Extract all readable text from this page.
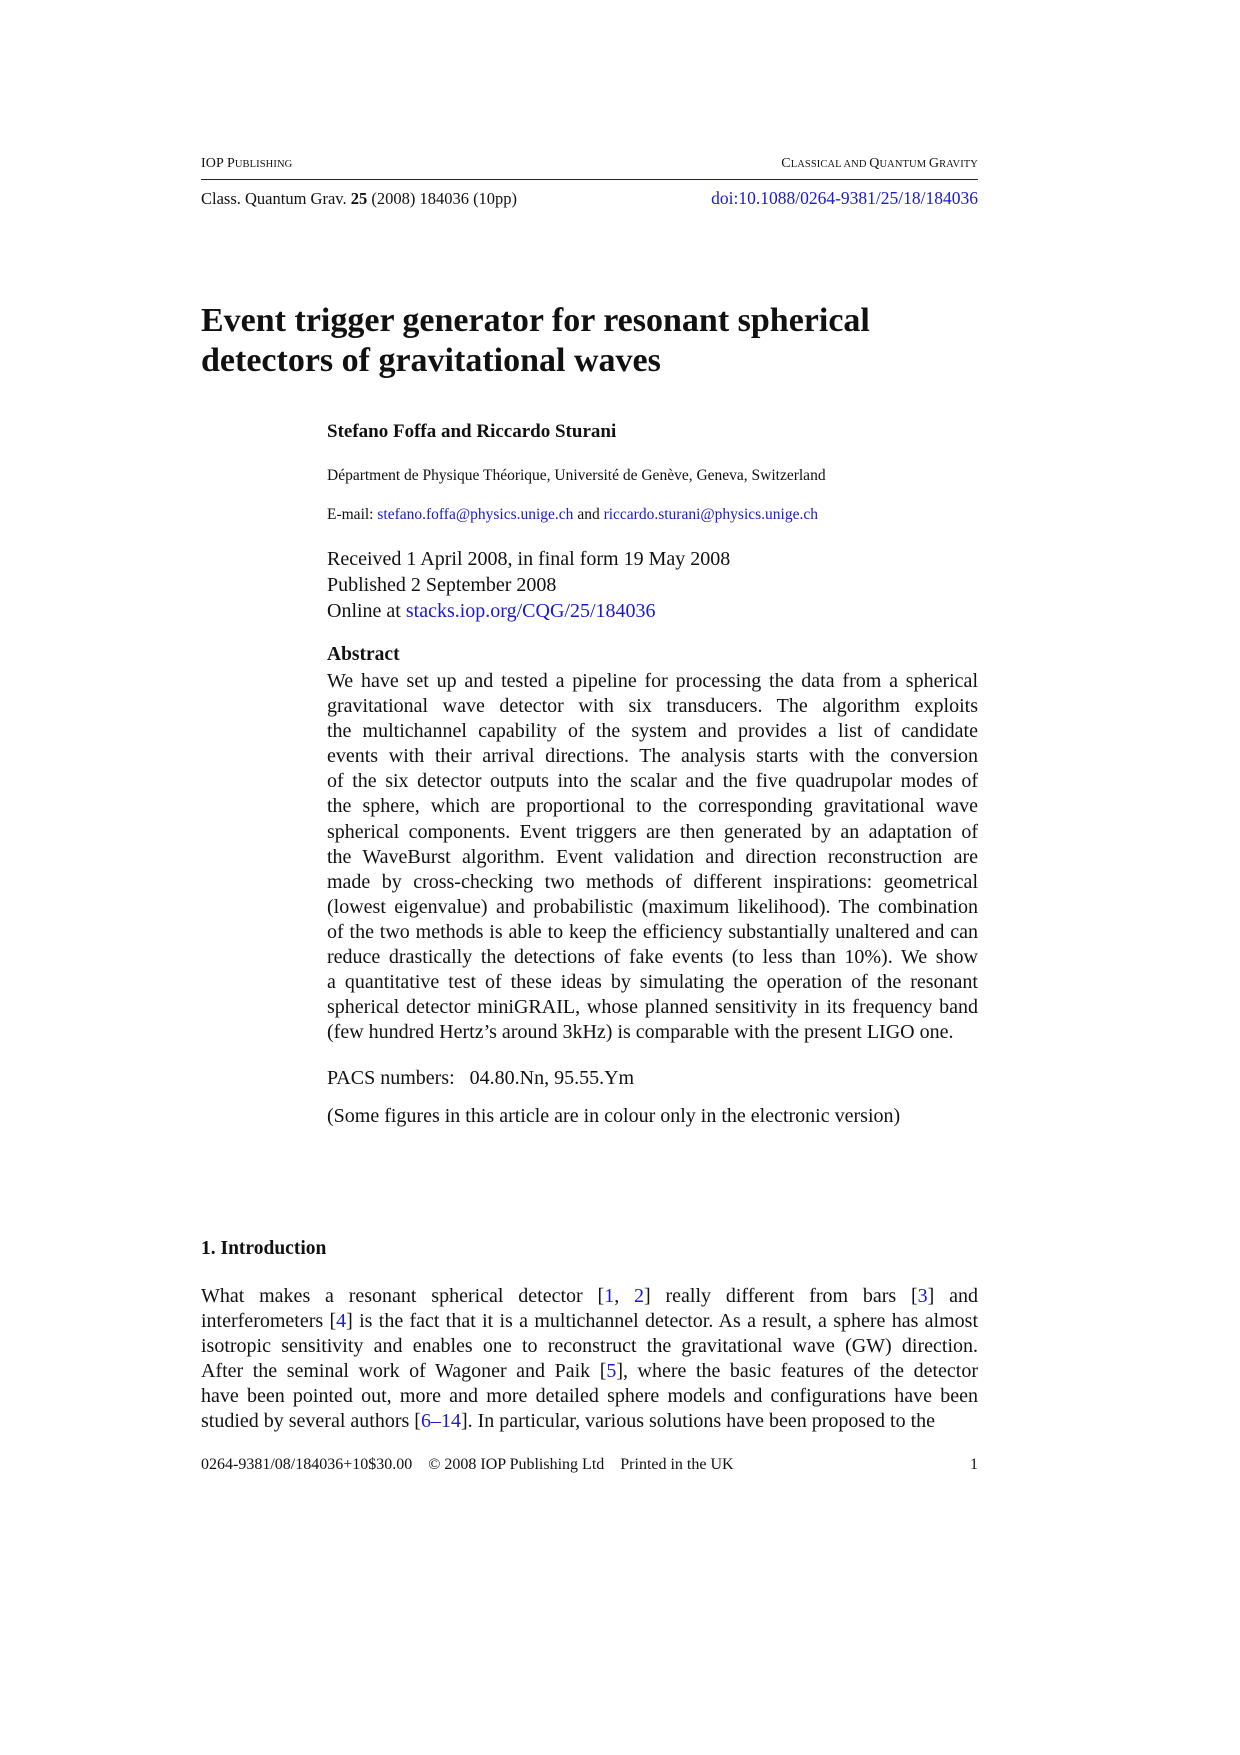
IOP PUBLISHING	CLASSICAL AND QUANTUM GRAVITY
Class. Quantum Grav. 25 (2008) 184036 (10pp)	doi:10.1088/0264-9381/25/18/184036
Event trigger generator for resonant spherical
detectors of gravitational waves
Stefano Foffa and Riccardo Sturani
Départment de Physique Théorique, Université de Genève, Geneva, Switzerland
E-mail: stefano.foffa@physics.unige.ch and riccardo.sturani@physics.unige.ch
Received 1 April 2008, in final form 19 May 2008
Published 2 September 2008
Online at stacks.iop.org/CQG/25/184036
Abstract
We have set up and tested a pipeline for processing the data from a spherical
gravitational wave detector with six transducers. The algorithm exploits
the multichannel capability of the system and provides a list of candidate
events with their arrival directions. The analysis starts with the conversion
of the six detector outputs into the scalar and the five quadrupolar modes of
the sphere, which are proportional to the corresponding gravitational wave
spherical components. Event triggers are then generated by an adaptation of
the WaveBurst algorithm. Event validation and direction reconstruction are
made by cross-checking two methods of different inspirations: geometrical
(lowest eigenvalue) and probabilistic (maximum likelihood). The combination
of the two methods is able to keep the efficiency substantially unaltered and can
reduce drastically the detections of fake events (to less than 10%). We show
a quantitative test of these ideas by simulating the operation of the resonant
spherical detector miniGRAIL, whose planned sensitivity in its frequency band
(few hundred Hertz’s around 3kHz) is comparable with the present LIGO one.
PACS numbers:   04.80.Nn, 95.55.Ym
(Some figures in this article are in colour only in the electronic version)
1. Introduction
What makes a resonant spherical detector [1, 2] really different from bars [3] and
interferometers [4] is the fact that it is a multichannel detector. As a result, a sphere has almost
isotropic sensitivity and enables one to reconstruct the gravitational wave (GW) direction.
After the seminal work of Wagoner and Paik [5], where the basic features of the detector
have been pointed out, more and more detailed sphere models and configurations have been
studied by several authors [6–14]. In particular, various solutions have been proposed to the
0264-9381/08/184036+10$30.00    © 2008 IOP Publishing Ltd    Printed in the UK	1
